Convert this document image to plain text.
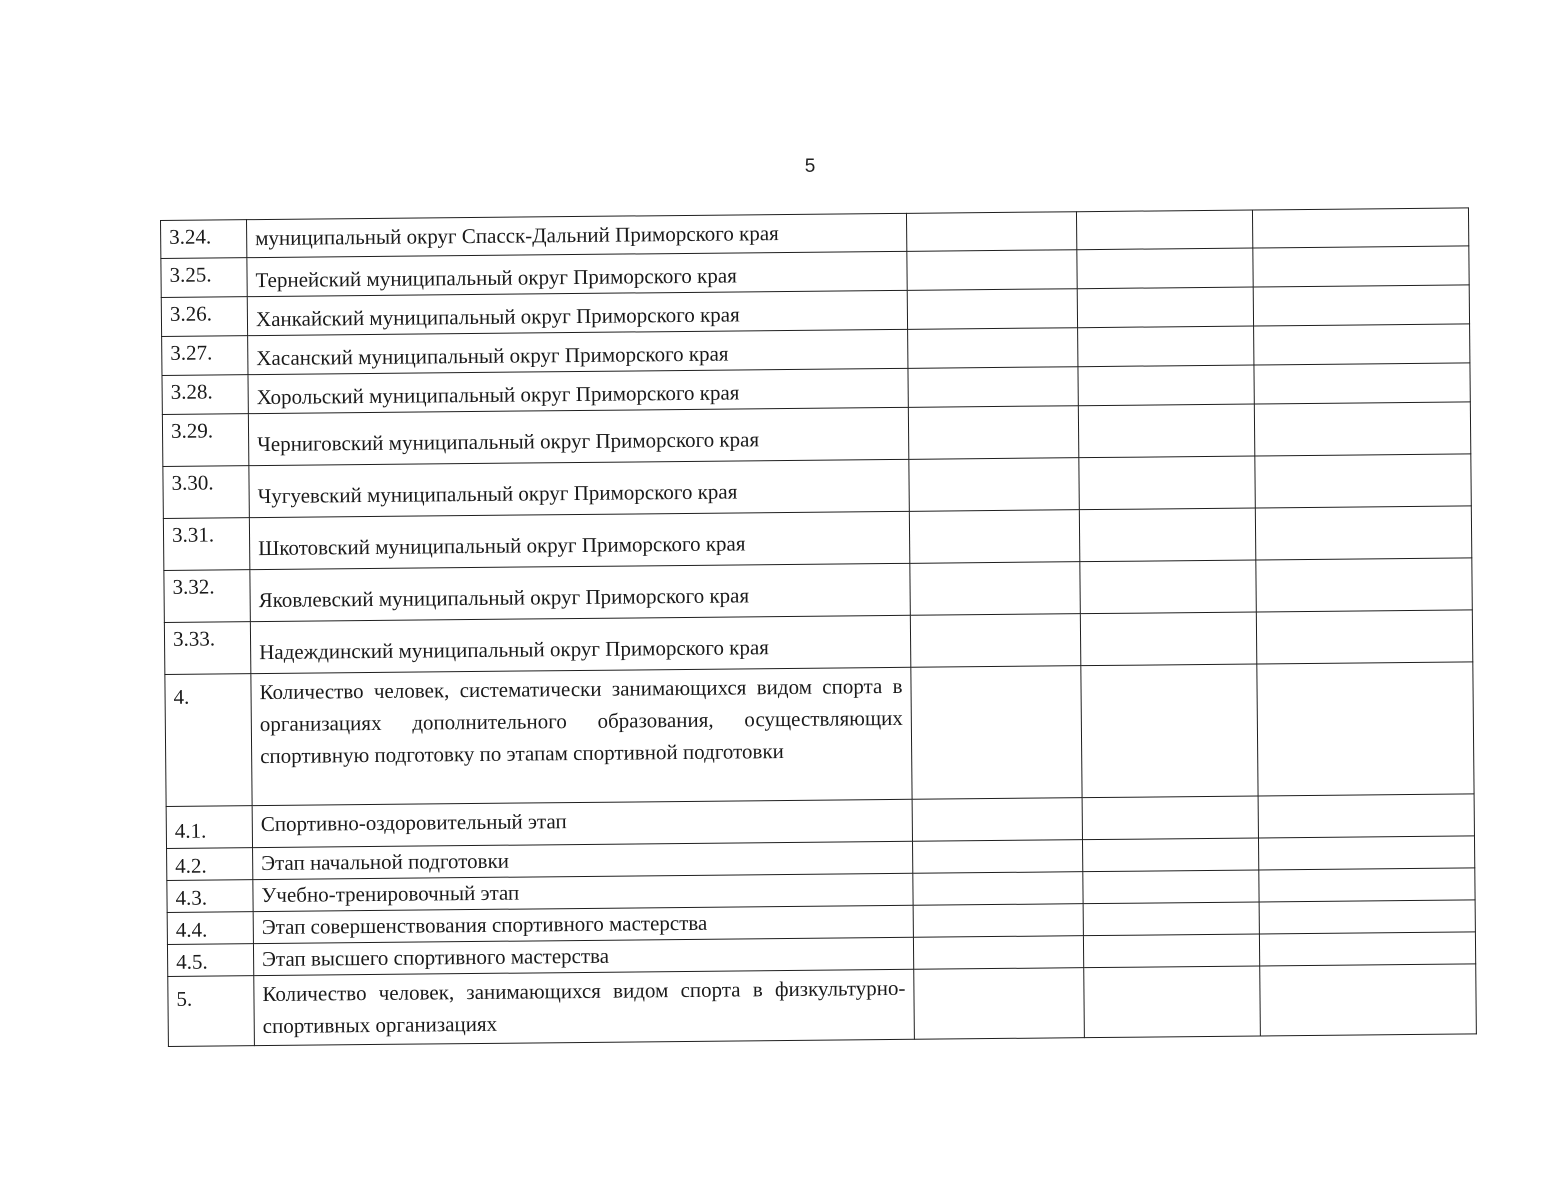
5
3.24.	муниципальный округ Спасск-Дальний Приморского края			
3.25.	Тернейский муниципальный округ Приморского края			
3.26.	Ханкайский муниципальный округ Приморского края			
3.27.	Хасанский муниципальный округ Приморского края			
3.28.	Хорольский муниципальный округ Приморского края			
3.29.	Черниговский муниципальный округ Приморского края			
3.30.	Чугуевский муниципальный округ Приморского края			
3.31.	Шкотовский муниципальный округ Приморского края			
3.32.	Яковлевский муниципальный округ Приморского края			
3.33.	Надеждинский муниципальный округ Приморского края			
4.	Количество человек, систематически занимающихся видом спорта в организациях дополнительного образования, осуществляющих спортивную подготовку по этапам спортивной подготовки			
4.1.	Спортивно-оздоровительный этап			
4.2.	Этап начальной подготовки			
4.3.	Учебно-тренировочный этап			
4.4.	Этап совершенствования спортивного мастерства			
4.5.	Этап высшего спортивного мастерства			
5.	Количество человек, занимающихся видом спорта в физкультурно-спортивных организациях			
